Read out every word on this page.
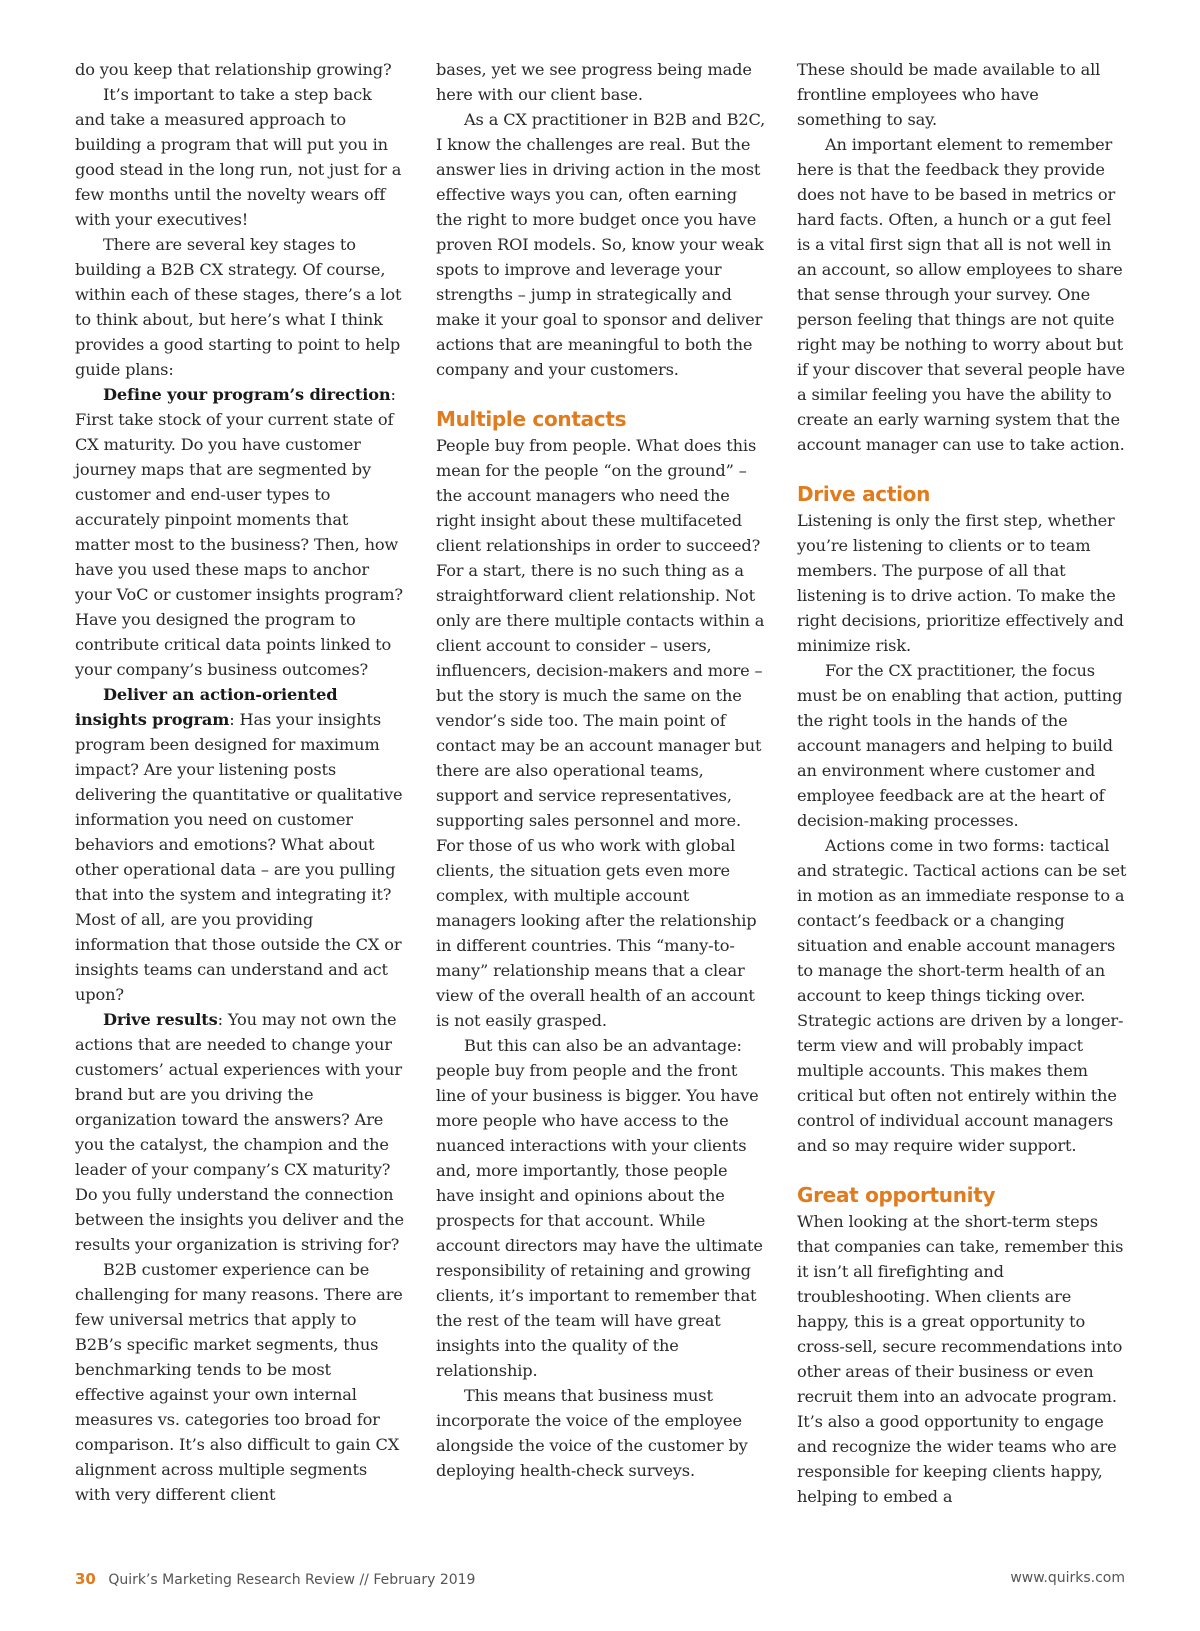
do you keep that relationship growing?

It’s important to take a step back and take a measured approach to building a program that will put you in good stead in the long run, not just for a few months until the novelty wears off with your executives!

There are several key stages to building a B2B CX strategy. Of course, within each of these stages, there’s a lot to think about, but here’s what I think provides a good starting to point to help guide plans:

Define your program’s direction: First take stock of your current state of CX maturity. Do you have customer journey maps that are segmented by customer and end-user types to accurately pinpoint moments that matter most to the business? Then, how have you used these maps to anchor your VoC or customer insights program? Have you designed the program to contribute critical data points linked to your company’s business outcomes?

Deliver an action-oriented insights program: Has your insights program been designed for maximum impact? Are your listening posts delivering the quantitative or qualitative information you need on customer behaviors and emotions? What about other operational data – are you pulling that into the system and integrating it? Most of all, are you providing information that those outside the CX or insights teams can understand and act upon?

Drive results: You may not own the actions that are needed to change your customers’ actual experiences with your brand but are you driving the organization toward the answers? Are you the catalyst, the champion and the leader of your company’s CX maturity? Do you fully understand the connection between the insights you deliver and the results your organization is striving for?

B2B customer experience can be challenging for many reasons. There are few universal metrics that apply to B2B’s specific market segments, thus benchmarking tends to be most effective against your own internal measures vs. categories too broad for comparison. It’s also difficult to gain CX alignment across multiple segments with very different client

bases, yet we see progress being made here with our client base.

As a CX practitioner in B2B and B2C, I know the challenges are real. But the answer lies in driving action in the most effective ways you can, often earning the right to more budget once you have proven ROI models. So, know your weak spots to improve and leverage your strengths – jump in strategically and make it your goal to sponsor and deliver actions that are meaningful to both the company and your customers.

Multiple contacts

People buy from people. What does this mean for the people “on the ground” – the account managers who need the right insight about these multifaceted client relationships in order to succeed? For a start, there is no such thing as a straightforward client relationship. Not only are there multiple contacts within a client account to consider – users, influencers, decision-makers and more – but the story is much the same on the vendor’s side too. The main point of contact may be an account manager but there are also operational teams, support and service representatives, supporting sales personnel and more. For those of us who work with global clients, the situation gets even more complex, with multiple account managers looking after the relationship in different countries. This “many-to-many” relationship means that a clear view of the overall health of an account is not easily grasped.

But this can also be an advantage: people buy from people and the front line of your business is bigger. You have more people who have access to the nuanced interactions with your clients and, more importantly, those people have insight and opinions about the prospects for that account. While account directors may have the ultimate responsibility of retaining and growing clients, it’s important to remember that the rest of the team will have great insights into the quality of the relationship.

This means that business must incorporate the voice of the employee alongside the voice of the customer by deploying health-check surveys.

These should be made available to all frontline employees who have something to say.

An important element to remember here is that the feedback they provide does not have to be based in metrics or hard facts. Often, a hunch or a gut feel is a vital first sign that all is not well in an account, so allow employees to share that sense through your survey. One person feeling that things are not quite right may be nothing to worry about but if your discover that several people have a similar feeling you have the ability to create an early warning system that the account manager can use to take action.

Drive action

Listening is only the first step, whether you’re listening to clients or to team members. The purpose of all that listening is to drive action. To make the right decisions, prioritize effectively and minimize risk.

For the CX practitioner, the focus must be on enabling that action, putting the right tools in the hands of the account managers and helping to build an environment where customer and employee feedback are at the heart of decision-making processes.

Actions come in two forms: tactical and strategic. Tactical actions can be set in motion as an immediate response to a contact’s feedback or a changing situation and enable account managers to manage the short-term health of an account to keep things ticking over. Strategic actions are driven by a longer-term view and will probably impact multiple accounts. This makes them critical but often not entirely within the control of individual account managers and so may require wider support.

Great opportunity

When looking at the short-term steps that companies can take, remember this it isn’t all firefighting and troubleshooting. When clients are happy, this is a great opportunity to cross-sell, secure recommendations into other areas of their business or even recruit them into an advocate program. It’s also a good opportunity to engage and recognize the wider teams who are responsible for keeping clients happy, helping to embed a

30 Quirk’s Marketing Research Review // February 2019	www.quirks.com
